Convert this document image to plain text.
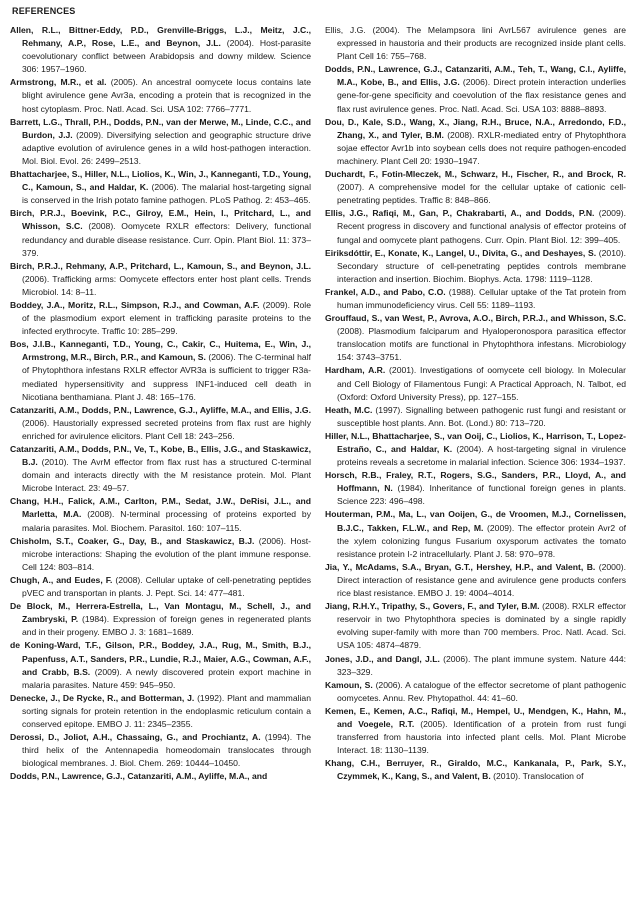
REFERENCES

Allen, R.L., Bittner-Eddy, P.D., Grenville-Briggs, L.J., Meitz, J.C., Rehmany, A.P., Rose, L.E., and Beynon, J.L. (2004). Host-parasite coevolutionary conflict between Arabidopsis and downy mildew. Science 306: 1957–1960.

Armstrong, M.R., et al. (2005). An ancestral oomycete locus contains late blight avirulence gene Avr3a, encoding a protein that is recognized in the host cytoplasm. Proc. Natl. Acad. Sci. USA 102: 7766–7771.

Barrett, L.G., Thrall, P.H., Dodds, P.N., van der Merwe, M., Linde, C.C., and Burdon, J.J. (2009). Diversifying selection and geographic structure drive adaptive evolution of avirulence genes in a wild host-pathogen interaction. Mol. Biol. Evol. 26: 2499–2513.

Bhattacharjee, S., Hiller, N.L., Liolios, K., Win, J., Kanneganti, T.D., Young, C., Kamoun, S., and Haldar, K. (2006). The malarial host-targeting signal is conserved in the Irish potato famine pathogen. PLoS Pathog. 2: 453–465.

Birch, P.R.J., Boevink, P.C., Gilroy, E.M., Hein, I., Pritchard, L., and Whisson, S.C. (2008). Oomycete RXLR effectors: Delivery, functional redundancy and durable disease resistance. Curr. Opin. Plant Biol. 11: 373–379.

Birch, P.R.J., Rehmany, A.P., Pritchard, L., Kamoun, S., and Beynon, J.L. (2006). Trafficking arms: Oomycete effectors enter host plant cells. Trends Microbiol. 14: 8–11.

Boddey, J.A., Moritz, R.L., Simpson, R.J., and Cowman, A.F. (2009). Role of the plasmodium export element in trafficking parasite proteins to the infected erythrocyte. Traffic 10: 285–299.

Bos, J.I.B., Kanneganti, T.D., Young, C., Cakir, C., Huitema, E., Win, J., Armstrong, M.R., Birch, P.R., and Kamoun, S. (2006). The C-terminal half of Phytophthora infestans RXLR effector AVR3a is sufficient to trigger R3a-mediated hypersensitivity and suppress INF1-induced cell death in Nicotiana benthamiana. Plant J. 48: 165–176.

Catanzariti, A.M., Dodds, P.N., Lawrence, G.J., Ayliffe, M.A., and Ellis, J.G. (2006). Haustorially expressed secreted proteins from flax rust are highly enriched for avirulence elicitors. Plant Cell 18: 243–256.

Catanzariti, A.M., Dodds, P.N., Ve, T., Kobe, B., Ellis, J.G., and Staskawicz, B.J. (2010). The AvrM effector from flax rust has a structured C-terminal domain and interacts directly with the M resistance protein. Mol. Plant Microbe Interact. 23: 49–57.

Chang, H.H., Falick, A.M., Carlton, P.M., Sedat, J.W., DeRisi, J.L., and Marletta, M.A. (2008). N-terminal processing of proteins exported by malaria parasites. Mol. Biochem. Parasitol. 160: 107–115.

Chisholm, S.T., Coaker, G., Day, B., and Staskawicz, B.J. (2006). Host-microbe interactions: Shaping the evolution of the plant immune response. Cell 124: 803–814.

Chugh, A., and Eudes, F. (2008). Cellular uptake of cell-penetrating peptides pVEC and transportan in plants. J. Pept. Sci. 14: 477–481.

De Block, M., Herrera-Estrella, L., Van Montagu, M., Schell, J., and Zambryski, P. (1984). Expression of foreign genes in regenerated plants and in their progeny. EMBO J. 3: 1681–1689.

de Koning-Ward, T.F., Gilson, P.R., Boddey, J.A., Rug, M., Smith, B.J., Papenfuss, A.T., Sanders, P.R., Lundie, R.J., Maier, A.G., Cowman, A.F., and Crabb, B.S. (2009). A newly discovered protein export machine in malaria parasites. Nature 459: 945–950.

Denecke, J., De Rycke, R., and Botterman, J. (1992). Plant and mammalian sorting signals for protein retention in the endoplasmic reticulum contain a conserved epitope. EMBO J. 11: 2345–2355.

Derossi, D., Joliot, A.H., Chassaing, G., and Prochiantz, A. (1994). The third helix of the Antennapedia homeodomain translocates through biological membranes. J. Biol. Chem. 269: 10444–10450.

Dodds, P.N., Lawrence, G.J., Catanzariti, A.M., Ayliffe, M.A., and

Ellis, J.G. (2004). The Melampsora lini AvrL567 avirulence genes are expressed in haustoria and their products are recognized inside plant cells. Plant Cell 16: 755–768.

Dodds, P.N., Lawrence, G.J., Catanzariti, A.M., Teh, T., Wang, C.I., Ayliffe, M.A., Kobe, B., and Ellis, J.G. (2006). Direct protein interaction underlies gene-for-gene specificity and coevolution of the flax resistance genes and flax rust avirulence genes. Proc. Natl. Acad. Sci. USA 103: 8888–8893.

Dou, D., Kale, S.D., Wang, X., Jiang, R.H., Bruce, N.A., Arredondo, F.D., Zhang, X., and Tyler, B.M. (2008). RXLR-mediated entry of Phytophthora sojae effector Avr1b into soybean cells does not require pathogen-encoded machinery. Plant Cell 20: 1930–1947.

Duchardt, F., Fotin-Mleczek, M., Schwarz, H., Fischer, R., and Brock, R. (2007). A comprehensive model for the cellular uptake of cationic cell-penetrating peptides. Traffic 8: 848–866.

Ellis, J.G., Rafiqi, M., Gan, P., Chakrabarti, A., and Dodds, P.N. (2009). Recent progress in discovery and functional analysis of effector proteins of fungal and oomycete plant pathogens. Curr. Opin. Plant Biol. 12: 399–405.

Eiriksdóttir, E., Konate, K., Langel, U., Divita, G., and Deshayes, S. (2010). Secondary structure of cell-penetrating peptides controls membrane interaction and insertion. Biochim. Biophys. Acta. 1798: 1119–1128.

Frankel, A.D., and Pabo, C.O. (1988). Cellular uptake of the Tat protein from human immunodeficiency virus. Cell 55: 1189–1193.

Grouffaud, S., van West, P., Avrova, A.O., Birch, P.R.J., and Whisson, S.C. (2008). Plasmodium falciparum and Hyaloperonospora parasitica effector translocation motifs are functional in Phytophthora infestans. Microbiology 154: 3743–3751.

Hardham, A.R. (2001). Investigations of oomycete cell biology. In Molecular and Cell Biology of Filamentous Fungi: A Practical Approach, N. Talbot, ed (Oxford: Oxford University Press), pp. 127–155.

Heath, M.C. (1997). Signalling between pathogenic rust fungi and resistant or susceptible host plants. Ann. Bot. (Lond.) 80: 713–720.

Hiller, N.L., Bhattacharjee, S., van Ooij, C., Liolios, K., Harrison, T., Lopez-Estraño, C., and Haldar, K. (2004). A host-targeting signal in virulence proteins reveals a secretome in malarial infection. Science 306: 1934–1937.

Horsch, R.B., Fraley, R.T., Rogers, S.G., Sanders, P.R., Lloyd, A., and Hoffmann, N. (1984). Inheritance of functional foreign genes in plants. Science 223: 496–498.

Houterman, P.M., Ma, L., van Ooijen, G., de Vroomen, M.J., Cornelissen, B.J.C., Takken, F.L.W., and Rep, M. (2009). The effector protein Avr2 of the xylem colonizing fungus Fusarium oxysporum activates the tomato resistance protein I-2 intracellularly. Plant J. 58: 970–978.

Jia, Y., McAdams, S.A., Bryan, G.T., Hershey, H.P., and Valent, B. (2000). Direct interaction of resistance gene and avirulence gene products confers rice blast resistance. EMBO J. 19: 4004–4014.

Jiang, R.H.Y., Tripathy, S., Govers, F., and Tyler, B.M. (2008). RXLR effector reservoir in two Phytophthora species is dominated by a single rapidly evolving super-family with more than 700 members. Proc. Natl. Acad. Sci. USA 105: 4874–4879.

Jones, J.D., and Dangl, J.L. (2006). The plant immune system. Nature 444: 323–329.

Kamoun, S. (2006). A catalogue of the effector secretome of plant pathogenic oomycetes. Annu. Rev. Phytopathol. 44: 41–60.

Kemen, E., Kemen, A.C., Rafiqi, M., Hempel, U., Mendgen, K., Hahn, M., and Voegele, R.T. (2005). Identification of a protein from rust fungi transferred from haustoria into infected plant cells. Mol. Plant Microbe Interact. 18: 1130–1139.

Khang, C.H., Berruyer, R., Giraldo, M.C., Kankanala, P., Park, S.Y., Czymmek, K., Kang, S., and Valent, B. (2010). Translocation of
